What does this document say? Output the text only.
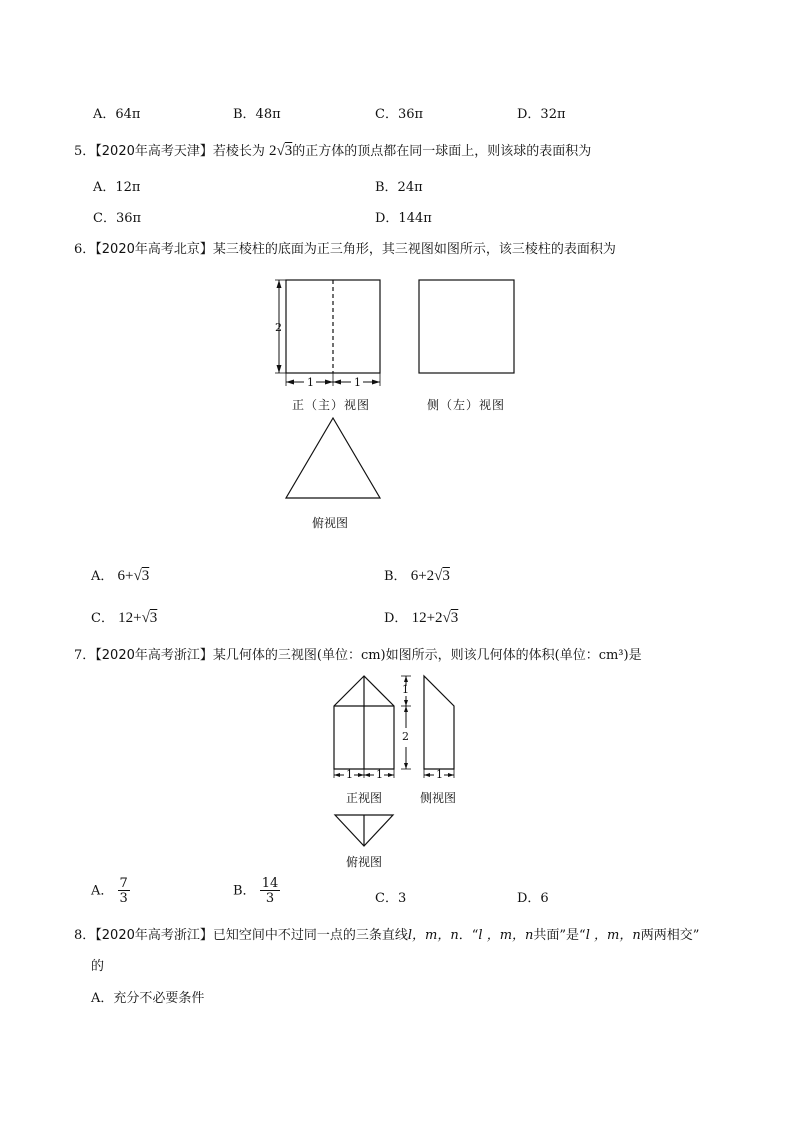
A．64π	B．48π	C．36π	D．32π
5．【2020年高考天津】若棱长为 2√3的正方体的顶点都在同一球面上，则该球的表面积为
A．12π	B．24π
C．36π	D．144π
6．【2020年高考北京】某三棱柱的底面为正三角形，其三视图如图所示，该三棱柱的表面积为
2
1	1
正（主）视图	侧（左）视图
俯视图
A． 6+√3	B． 6+2√3
C． 12+√3	D． 12+2√3
7．【2020年高考浙江】某几何体的三视图(单位：cm)如图所示，则该几何体的体积(单位：cm³)是
1
2
1 1	1
正视图	侧视图
俯视图
A． $\frac{7}{3}$	B． $\frac{14}{3}$	C．3	D．6
8．【2020年高考浙江】已知空间中不过同一点的三条直线l，m，n．“l ，m，n共面”是“l ，m，n两两相交”
的
A．充分不必要条件
